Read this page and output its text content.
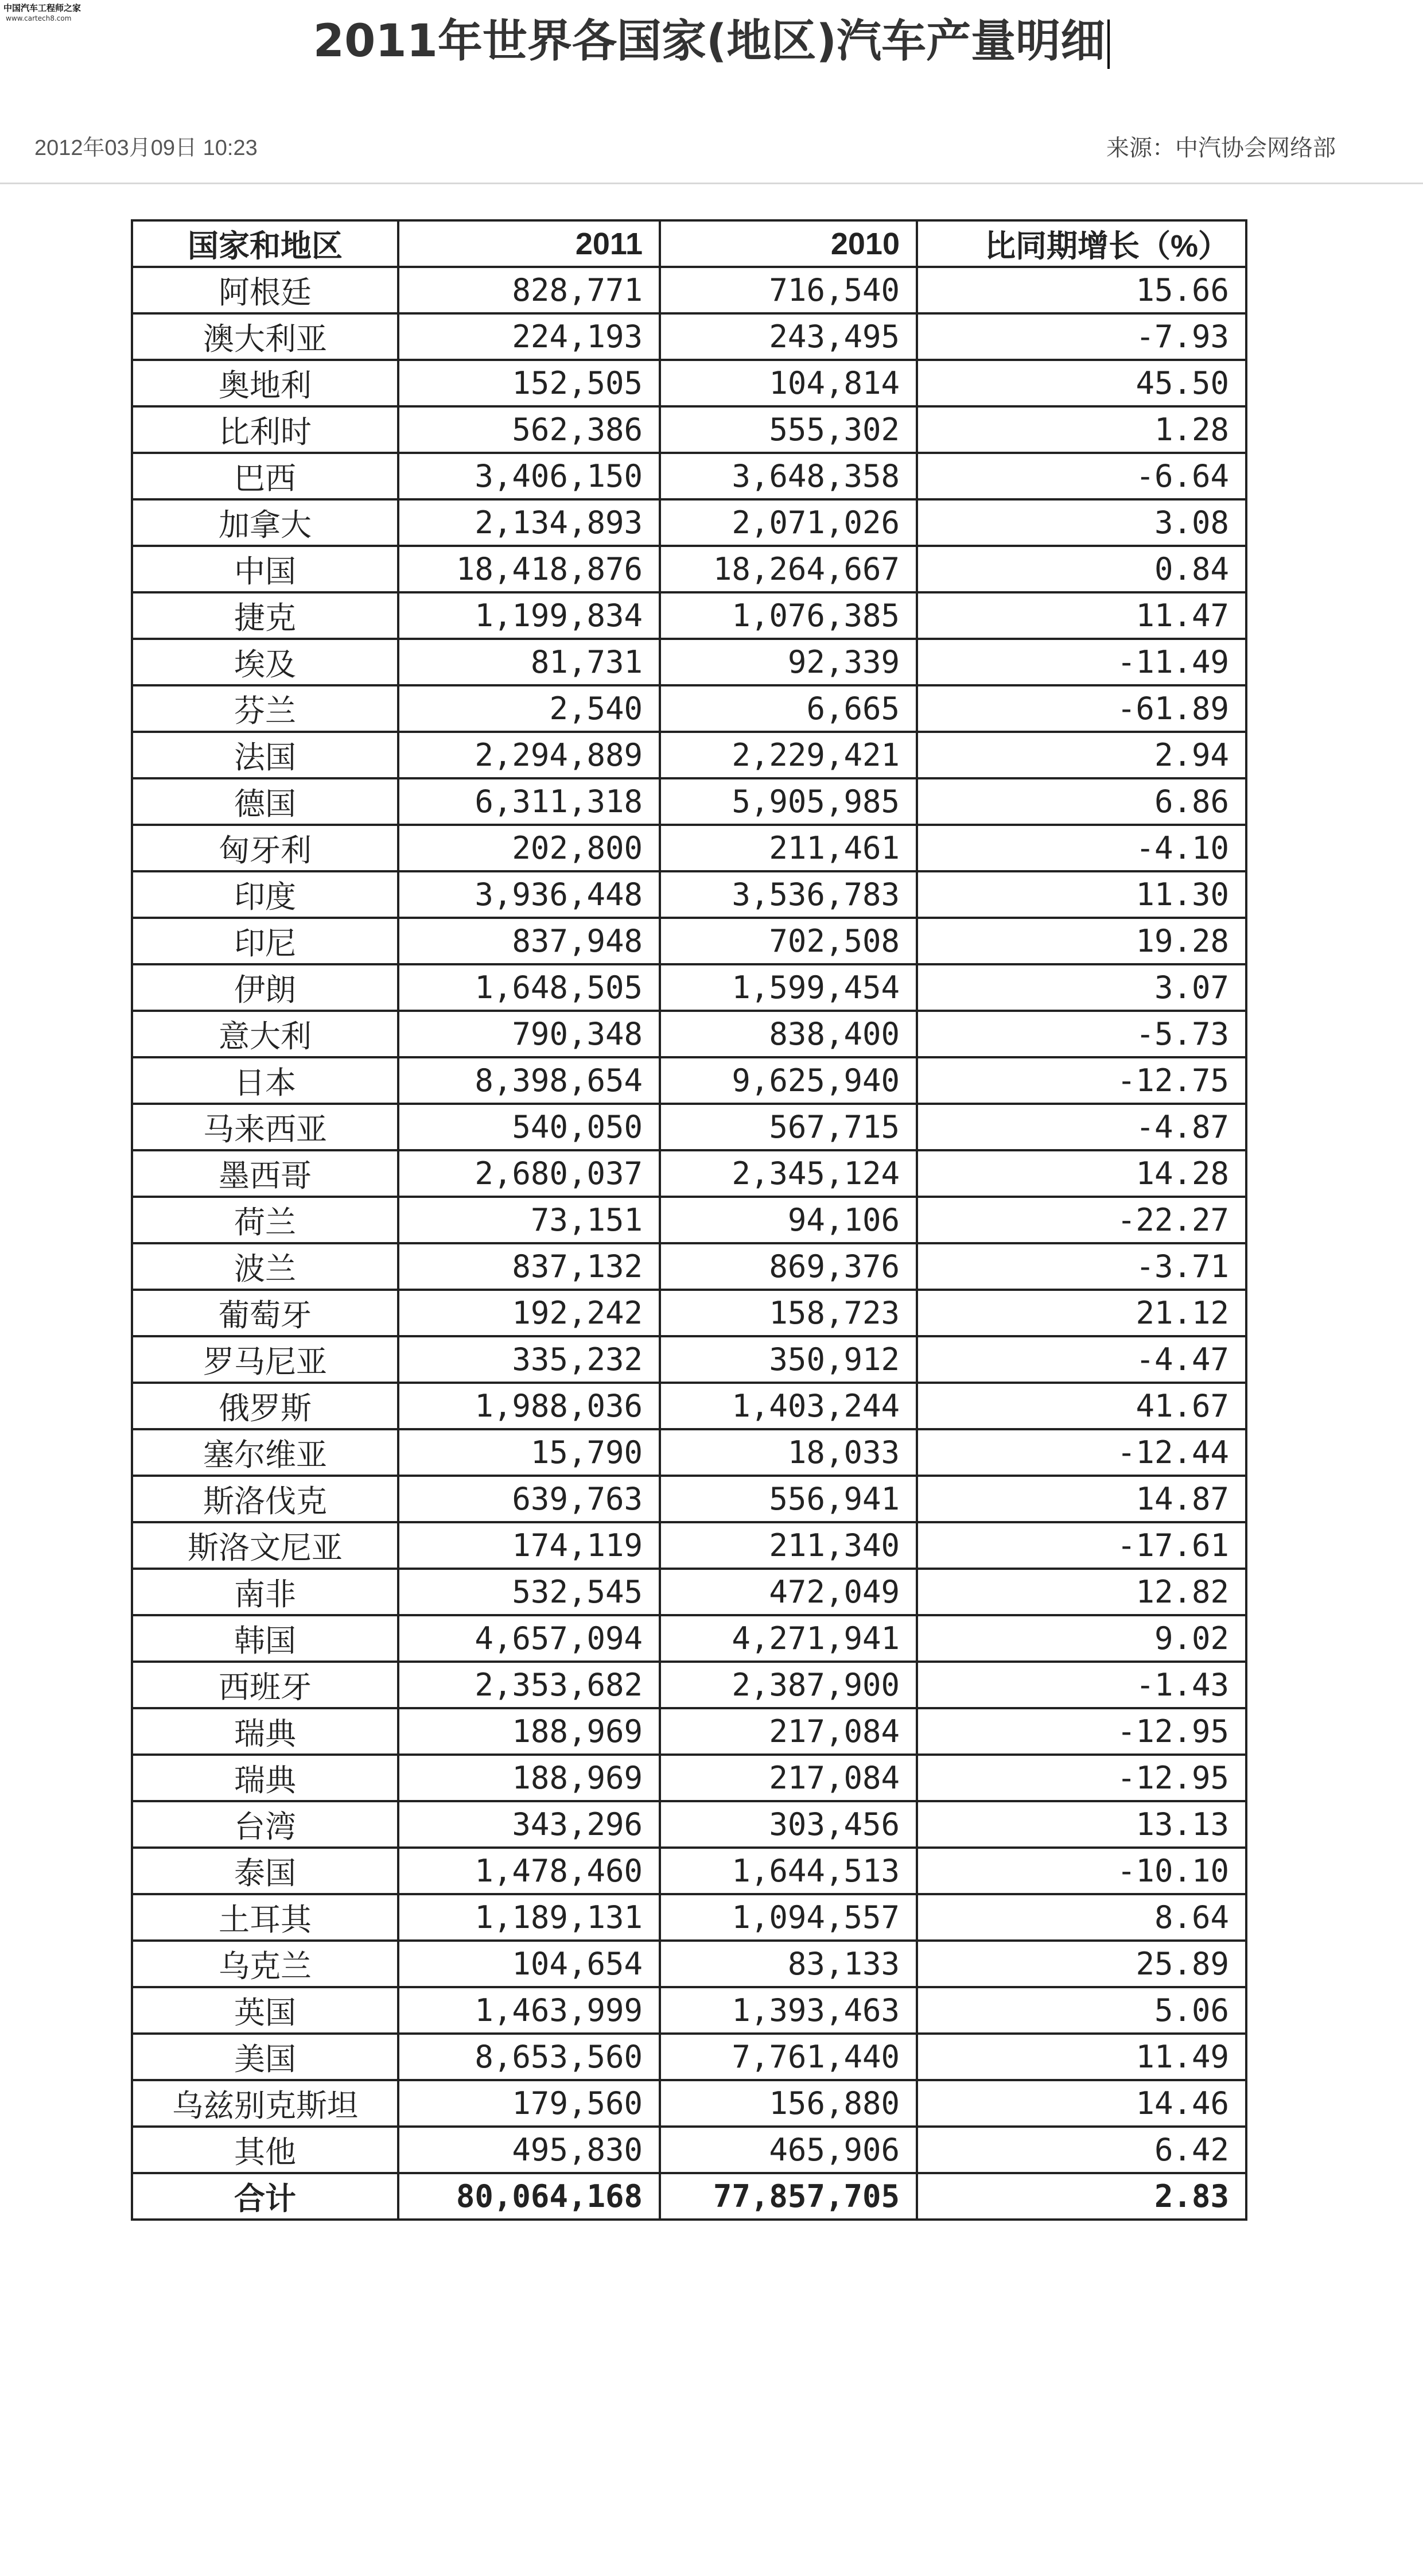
中国汽车工程师之家
www.cartech8.com	2011年世界各国家(地区)汽车产量明细
2012年03月09日 10:23	来源：中汽协会网络部
国家和地区	2011	2010	比同期增长（%）
阿根廷	828,771	716,540	15.66
澳大利亚	224,193	243,495	-7.93
奥地利	152,505	104,814	45.50
比利时	562,386	555,302	1.28
巴西	3,406,150	3,648,358	-6.64
加拿大	2,134,893	2,071,026	3.08
中国	18,418,876	18,264,667	0.84
捷克	1,199,834	1,076,385	11.47
埃及	81,731	92,339	-11.49
芬兰	2,540	6,665	-61.89
法国	2,294,889	2,229,421	2.94
德国	6,311,318	5,905,985	6.86
匈牙利	202,800	211,461	-4.10
印度	3,936,448	3,536,783	11.30
印尼	837,948	702,508	19.28
伊朗	1,648,505	1,599,454	3.07
意大利	790,348	838,400	-5.73
日本	8,398,654	9,625,940	-12.75
马来西亚	540,050	567,715	-4.87
墨西哥	2,680,037	2,345,124	14.28
荷兰	73,151	94,106	-22.27
波兰	837,132	869,376	-3.71
葡萄牙	192,242	158,723	21.12
罗马尼亚	335,232	350,912	-4.47
俄罗斯	1,988,036	1,403,244	41.67
塞尔维亚	15,790	18,033	-12.44
斯洛伐克	639,763	556,941	14.87
斯洛文尼亚	174,119	211,340	-17.61
南非	532,545	472,049	12.82
韩国	4,657,094	4,271,941	9.02
西班牙	2,353,682	2,387,900	-1.43
瑞典	188,969	217,084	-12.95
瑞典	188,969	217,084	-12.95
台湾	343,296	303,456	13.13
泰国	1,478,460	1,644,513	-10.10
土耳其	1,189,131	1,094,557	8.64
乌克兰	104,654	83,133	25.89
英国	1,463,999	1,393,463	5.06
美国	8,653,560	7,761,440	11.49
乌兹别克斯坦	179,560	156,880	14.46
其他	495,830	465,906	6.42
合计	80,064,168	77,857,705	2.83
